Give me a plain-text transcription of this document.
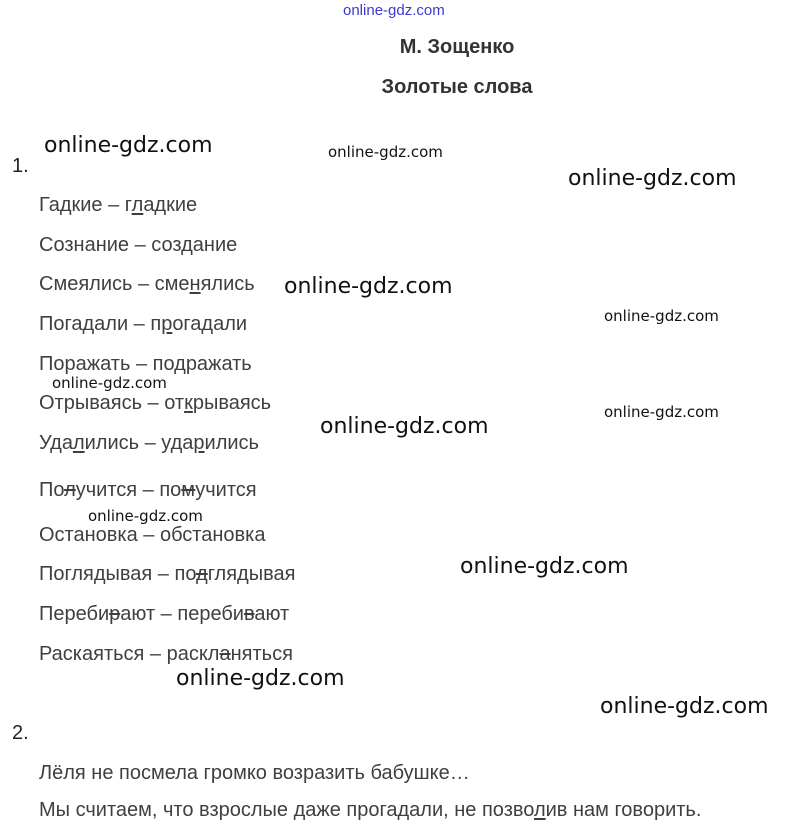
online-gdz.com
М. Зощенко
Золотые слова
1.
Гадкие – гладкие
Сознание – создание
Смеялись – сменялись
Погадали – прогадали
Поражать – подражать
Отрываясь – открываясь
Удалились – ударились
Получится – помучится
Остановка – обстановка
Поглядывая – подглядывая
Перебирают – перебивают
Раскаяться – раскланяться
2.
Лёля не посмела громко возразить бабушке…
Мы считаем, что взрослые даже прогадали, не позволив нам говорить.
online-gdz.com	online-gdz.com
online-gdz.com
online-gdz.com
online-gdz.com
online-gdz.com
online-gdz.com
online-gdz.com
online-gdz.com
online-gdz.com
online-gdz.com
online-gdz.com
